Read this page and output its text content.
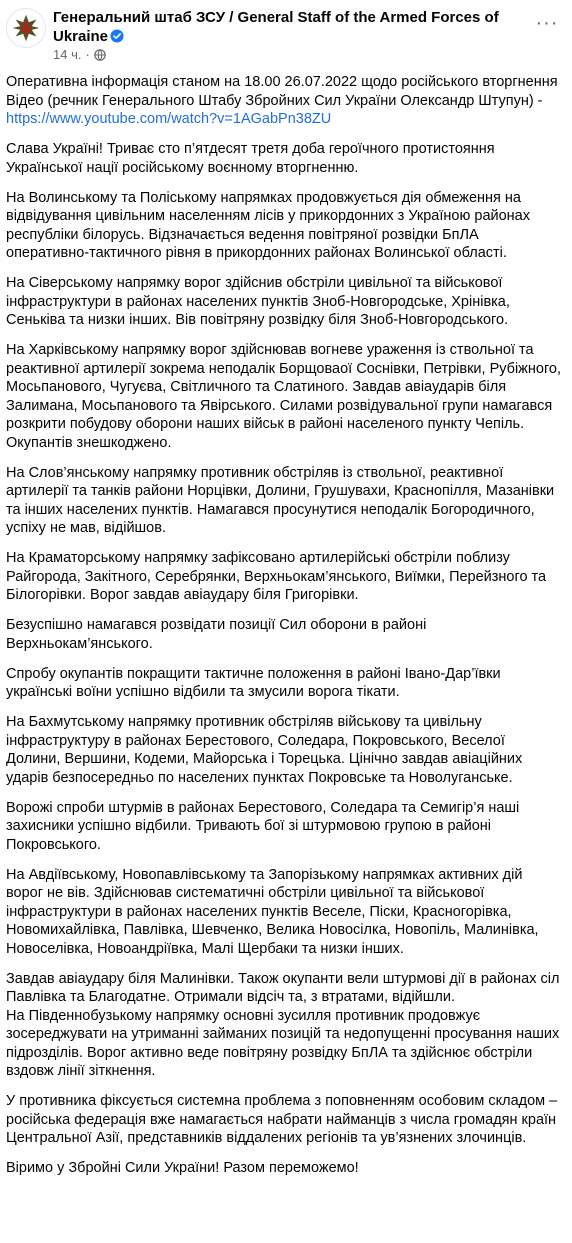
Генеральний штаб ЗСУ / General Staff of the Armed Forces of Ukraine
14 ч. ·
···

Оперативна інформація станом на 18.00 26.07.2022 щодо російського вторгнення
Відео (речник Генерального Штабу Збройних Сил України Олександр Штупун) -
https://www.youtube.com/watch?v=1AGabPn38ZU

Слава Україні! Триває сто п’ятдесят третя доба героїчного протистояння Української нації російському воєнному вторгненню.

На Волинському та Поліському напрямках продовжується дія обмеження на відвідування цивільним населенням лісів у прикордонних з Україною районах республіки білорусь. Відзначається ведення повітряної розвідки БпЛА оперативно-тактичного рівня в прикордонних районах Волинської області.

На Сіверському напрямку ворог здійснив обстріли цивільної та військової інфраструктури в районах населених пунктів Зноб-Новгородське, Хрінівка, Сеньківа та низки інших. Вів повітряну розвідку біля Зноб-Новгородського.

На Харківському напрямку ворог здійснював вогневе ураження із ствольної та реактивної артилерії зокрема неподалік Борщоваої Соснівки, Петрівки, Рубіжного, Мосьпанового, Чугуєва, Світличного та Слатиного. Завдав авіаударів біля Залимана, Мосьпанового та Явірського. Силами розвідувальної групи намагався розкрити побудову оборони наших військ в районі населеного пункту Чепіль. Окупантів знешкоджено.

На Слов’янському напрямку противник обстріляв із ствольної, реактивної артилерії та танків райони Норцівки, Долини, Грушувахи, Краснопілля, Мазанівки та інших населених пунктів. Намагався просунутися неподалік Богородичного, успіху не мав, відійшов.

На Краматорському напрямку зафіксовано артилерійські обстріли поблизу Райгорода, Закітного, Серебрянки, Верхньокам’янського, Виїмки, Перейзного та Білогорівки. Ворог завдав авіаудару біля Григорівки.

Безуспішно намагався розвідати позиції Сил оборони в районі Верхньокам’янського.

Спробу окупантів покращити тактичне положення в районі Івано-Дар’ївки українські воїни успішно відбили та змусили ворога тікати.

На Бахмутському напрямку противник обстріляв військову та цивільну інфраструктуру в районах Берестового, Соледара, Покровського, Веселої Долини, Вершини, Кодеми, Майорська і Торецька. Цінічно завдав авіаційних ударів безпосередньо по населених пунктах Покровське та Новолуганське.

Ворожі спроби штурмів в районах Берестового, Соледара та Семигір’я наші захисники успішно відбили. Тривають бої зі штурмовою групою в районі Покровського.

На Авдіївському, Новопавлівському та Запорізькому напрямках активних дій ворог не вів. Здійснював систематичні обстріли цивільної та військової інфраструктури в районах населених пунктів Веселе, Піски, Красногорівка, Новомихайлівка, Павлівка, Шевченко, Велика Новосілка, Новопіль, Малинівка, Новоселівка, Новоандріївка, Малі Щербаки та низки інших.

Завдав авіаудару біля Малинівки. Також окупанти вели штурмові дії в районах сіл Павлівка та Благодатне. Отримали відсіч та, з втратами, відійшли.
На Південнобузькому напрямку основні зусилля противник продовжує зосереджувати на утриманні займаних позицій та недопущенні просування наших підрозділів. Ворог активно веде повітряну розвідку БпЛА та здійснює обстріли вздовж лінії зіткнення.

У противника фіксується системна проблема з поповненням особовим складом – російська федерація вже намагається набрати найманців з числа громадян країн Центральної Азії, представників віддалених регіонів та ув’язнених злочинців.

Віримо у Збройні Сили України! Разом переможемо!
